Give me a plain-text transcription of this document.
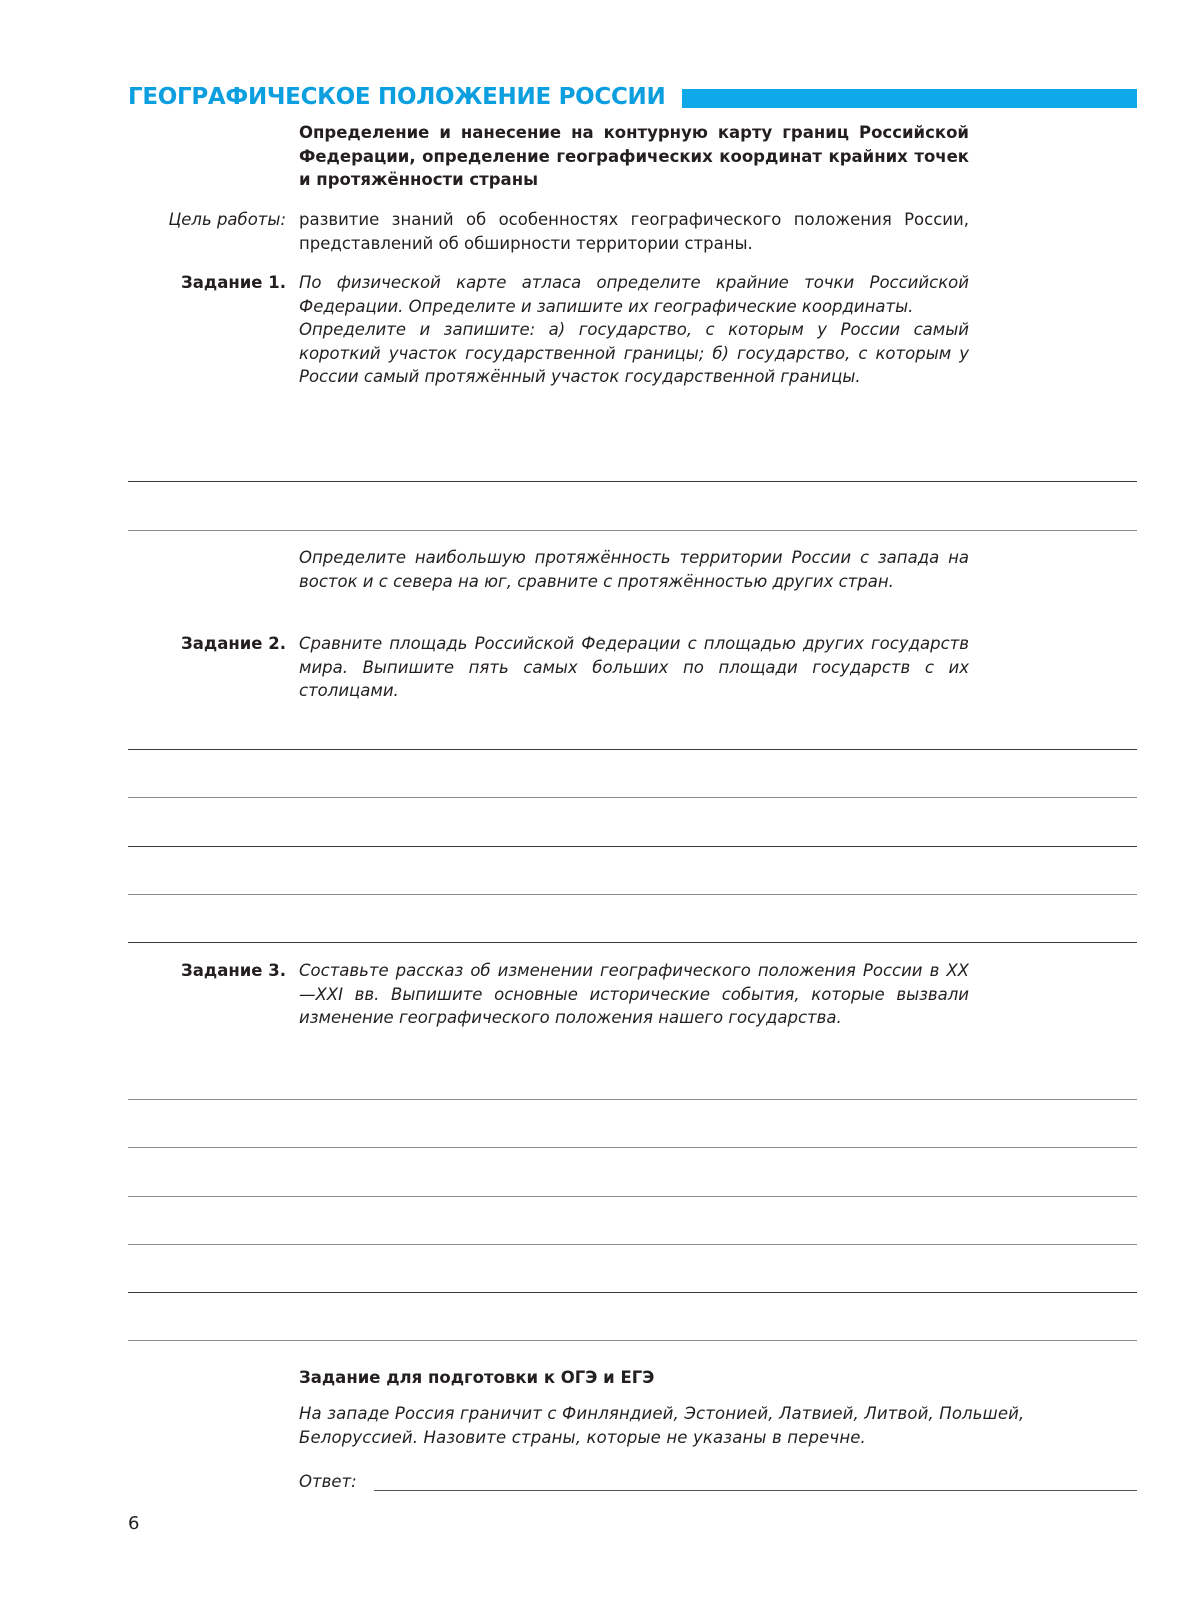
ГЕОГРАФИЧЕСКОЕ ПОЛОЖЕНИЕ РОССИИ

Определение и нанесение на контурную карту границ Российской Федерации, определение географических координат крайних точек и протяжённости страны

Цель работы: развитие знаний об особенностях географического положения России, представлений об обширности территории страны.

Задание 1. По физической карте атласа определите крайние точки Российской Федерации. Определите и запишите их географические координаты.

Определите и запишите: а) государство, с которым у России самый короткий участок государственной границы; б) государство, с которым у России самый протяжённый участок государственной границы.

Определите наибольшую протяжённость территории России с запада на восток и с севера на юг, сравните с протяжённостью других стран.

Задание 2. Сравните площадь Российской Федерации с площадью других государств мира. Выпишите пять самых больших по площади государств с их столицами.

Задание 3. Составьте рассказ об изменении географического положения России в XX—XXI вв. Выпишите основные исторические события, которые вызвали изменение географического положения нашего государства.

Задание для подготовки к ОГЭ и ЕГЭ

На западе Россия граничит с Финляндией, Эстонией, Латвией, Литвой, Польшей, Белоруссией. Назовите страны, которые не указаны в перечне.

Ответ:
6
